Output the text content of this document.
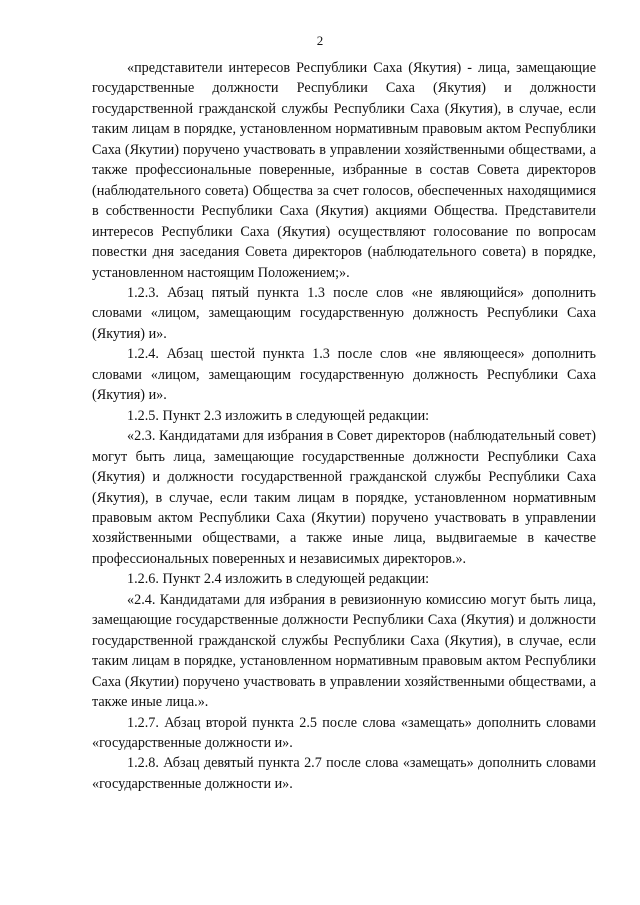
2

«представители интересов Республики Саха (Якутия) - лица, замещающие государственные должности Республики Саха (Якутия) и должности государственной гражданской службы Республики Саха (Якутия), в случае, если таким лицам в порядке, установленном нормативным правовым актом Республики Саха (Якутии) поручено участвовать в управлении хозяйственными обществами, а также профессиональные поверенные, избранные в состав Совета директоров (наблюдательного совета) Общества за счет голосов, обеспеченных находящимися в собственности Республики Саха (Якутия) акциями Общества. Представители интересов Республики Саха (Якутия) осуществляют голосование по вопросам повестки дня заседания Совета директоров (наблюдательного совета) в порядке, установленном настоящим Положением;».

1.2.3. Абзац пятый пункта 1.3 после слов «не являющийся» дополнить словами «лицом, замещающим государственную должность Республики Саха (Якутия) и».

1.2.4. Абзац шестой пункта 1.3 после слов «не являющееся» дополнить словами «лицом, замещающим государственную должность Республики Саха (Якутия) и».

1.2.5. Пункт 2.3 изложить в следующей редакции:

«2.3. Кандидатами для избрания в Совет директоров (наблюдательный совет) могут быть лица, замещающие государственные должности Республики Саха (Якутия) и должности государственной гражданской службы Республики Саха (Якутия), в случае, если таким лицам в порядке, установленном нормативным правовым актом Республики Саха (Якутии) поручено участвовать в управлении хозяйственными обществами, а также иные лица, выдвигаемые в качестве профессиональных поверенных и независимых директоров.».

1.2.6. Пункт 2.4 изложить в следующей редакции:

«2.4. Кандидатами для избрания в ревизионную комиссию могут быть лица, замещающие государственные должности Республики Саха (Якутия) и должности государственной гражданской службы Республики Саха (Якутия), в случае, если таким лицам в порядке, установленном нормативным правовым актом Республики Саха (Якутии) поручено участвовать в управлении хозяйственными обществами, а также иные лица.».

1.2.7. Абзац второй пункта 2.5 после слова «замещать» дополнить словами «государственные должности и».

1.2.8. Абзац девятый пункта 2.7 после слова «замещать» дополнить словами «государственные должности и».
